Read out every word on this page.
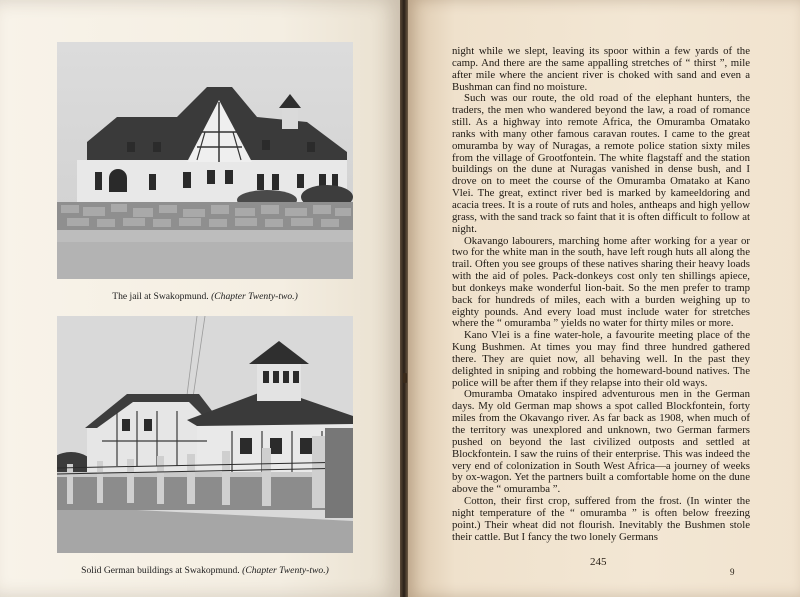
The jail at Swakopmund. (Chapter Twenty-two.)
Solid German buildings at Swakopmund. (Chapter Twenty-two.)

night while we slept, leaving its spoor within a few yards of the camp. And there are the same appalling stretches of “ thirst ”, mile after mile where the ancient river is choked with sand and even a Bushman can find no moisture.

Such was our route, the old road of the elephant hunters, the traders, the men who wandered beyond the law, a road of romance still. As a highway into remote Africa, the Omuramba Omatako ranks with many other famous caravan routes. I came to the great omuramba by way of Nuragas, a remote police station sixty miles from the village of Grootfontein. The white flagstaff and the station buildings on the dune at Nuragas vanished in dense bush, and I drove on to meet the course of the Omuramba Omatako at Kano Vlei. The great, extinct river bed is marked by kameeldoring and acacia trees. It is a route of ruts and holes, antheaps and high yellow grass, with the sand track so faint that it is often difficult to follow at night.

Okavango labourers, marching home after working for a year or two for the white man in the south, have left rough huts all along the trail. Often you see groups of these natives sharing their heavy loads with the aid of poles. Pack-donkeys cost only ten shillings apiece, but donkeys make wonderful lion-bait. So the men prefer to tramp back for hundreds of miles, each with a burden weighing up to eighty pounds. And every load must include water for stretches where the “ omuramba ” yields no water for thirty miles or more.

Kano Vlei is a fine water-hole, a favourite meeting place of the Kung Bushmen. At times you may find three hundred gathered there. They are quiet now, all behaving well. In the past they delighted in sniping and robbing the homeward-bound natives. The police will be after them if they relapse into their old ways.

Omuramba Omatako inspired adventurous men in the German days. My old German map shows a spot called Blockfontein, forty miles from the Okavango river. As far back as 1908, when much of the territory was unexplored and unknown, two German farmers pushed on beyond the last civilized outposts and settled at Blockfontein. I saw the ruins of their enterprise. This was indeed the very end of colonization in South West Africa—a journey of weeks by ox-wagon. Yet the partners built a comfortable home on the dune above the “ omuramba ”.

Cotton, their first crop, suffered from the frost. (In winter the night temperature of the “ omuramba ” is often below freezing point.) Their wheat did not flourish. Inevitably the Bushmen stole their cattle. But I fancy the two lonely Germans

245
9
